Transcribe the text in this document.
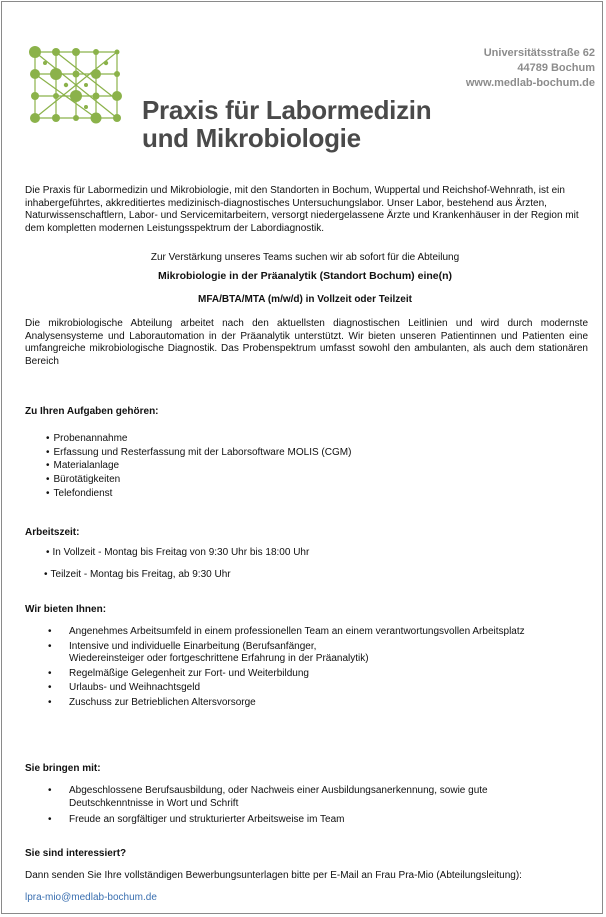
Praxis für Labormedizin
und Mikrobiologie
Universitätsstraße 62
44789 Bochum
www.medlab-bochum.de
Die Praxis für Labormedizin und Mikrobiologie, mit den Standorten in Bochum, Wuppertal und Reichshof-Wehnrath, ist ein inhabergeführtes, akkreditiertes medizinisch-diagnostisches Untersuchungslabor. Unser Labor, bestehend aus Ärzten, Naturwissenschaftlern, Labor- und Servicemitarbeitern, versorgt niedergelassene Ärzte und Krankenhäuser in der Region mit dem kompletten modernen Leistungsspektrum der Labordiagnostik.
Zur Verstärkung unseres Teams suchen wir ab sofort für die Abteilung
Mikrobiologie in der Präanalytik (Standort Bochum) eine(n)
MFA/BTA/MTA (m/w/d) in Vollzeit oder Teilzeit
Die mikrobiologische Abteilung arbeitet nach den aktuellsten diagnostischen Leitlinien und wird durch modernste Analysensysteme und Laborautomation in der Präanalytik unterstützt. Wir bieten unseren Patientinnen und Patienten eine umfangreiche mikrobiologische Diagnostik. Das Probenspektrum umfasst sowohl den ambulanten, als auch dem stationären Bereich
Zu Ihren Aufgaben gehören:
• Probenannahme
• Erfassung und Resterfassung mit der Laborsoftware MOLIS (CGM)
• Materialanlage
• Bürotätigkeiten
• Telefondienst
Arbeitszeit:
• In Vollzeit - Montag bis Freitag von 9:30 Uhr bis 18:00 Uhr
• Teilzeit - Montag bis Freitag, ab 9:30 Uhr
Wir bieten Ihnen:
• Angenehmes Arbeitsumfeld in einem professionellen Team an einem verantwortungsvollen Arbeitsplatz
• Intensive und individuelle Einarbeitung (Berufsanfänger, Wiedereinsteiger oder fortgeschrittene Erfahrung in der Präanalytik)
• Regelmäßige Gelegenheit zur Fort- und Weiterbildung
• Urlaubs- und Weihnachtsgeld
• Zuschuss zur Betrieblichen Altersvorsorge
Sie bringen mit:
• Abgeschlossene Berufsausbildung, oder Nachweis einer Ausbildungsanerkennung, sowie gute Deutschkenntnisse in Wort und Schrift
• Freude an sorgfältiger und strukturierter Arbeitsweise im Team
Sie sind interessiert?
Dann senden Sie Ihre vollständigen Bewerbungsunterlagen bitte per E-Mail an Frau Pra-Mio (Abteilungsleitung):
lpra-mio@medlab-bochum.de
